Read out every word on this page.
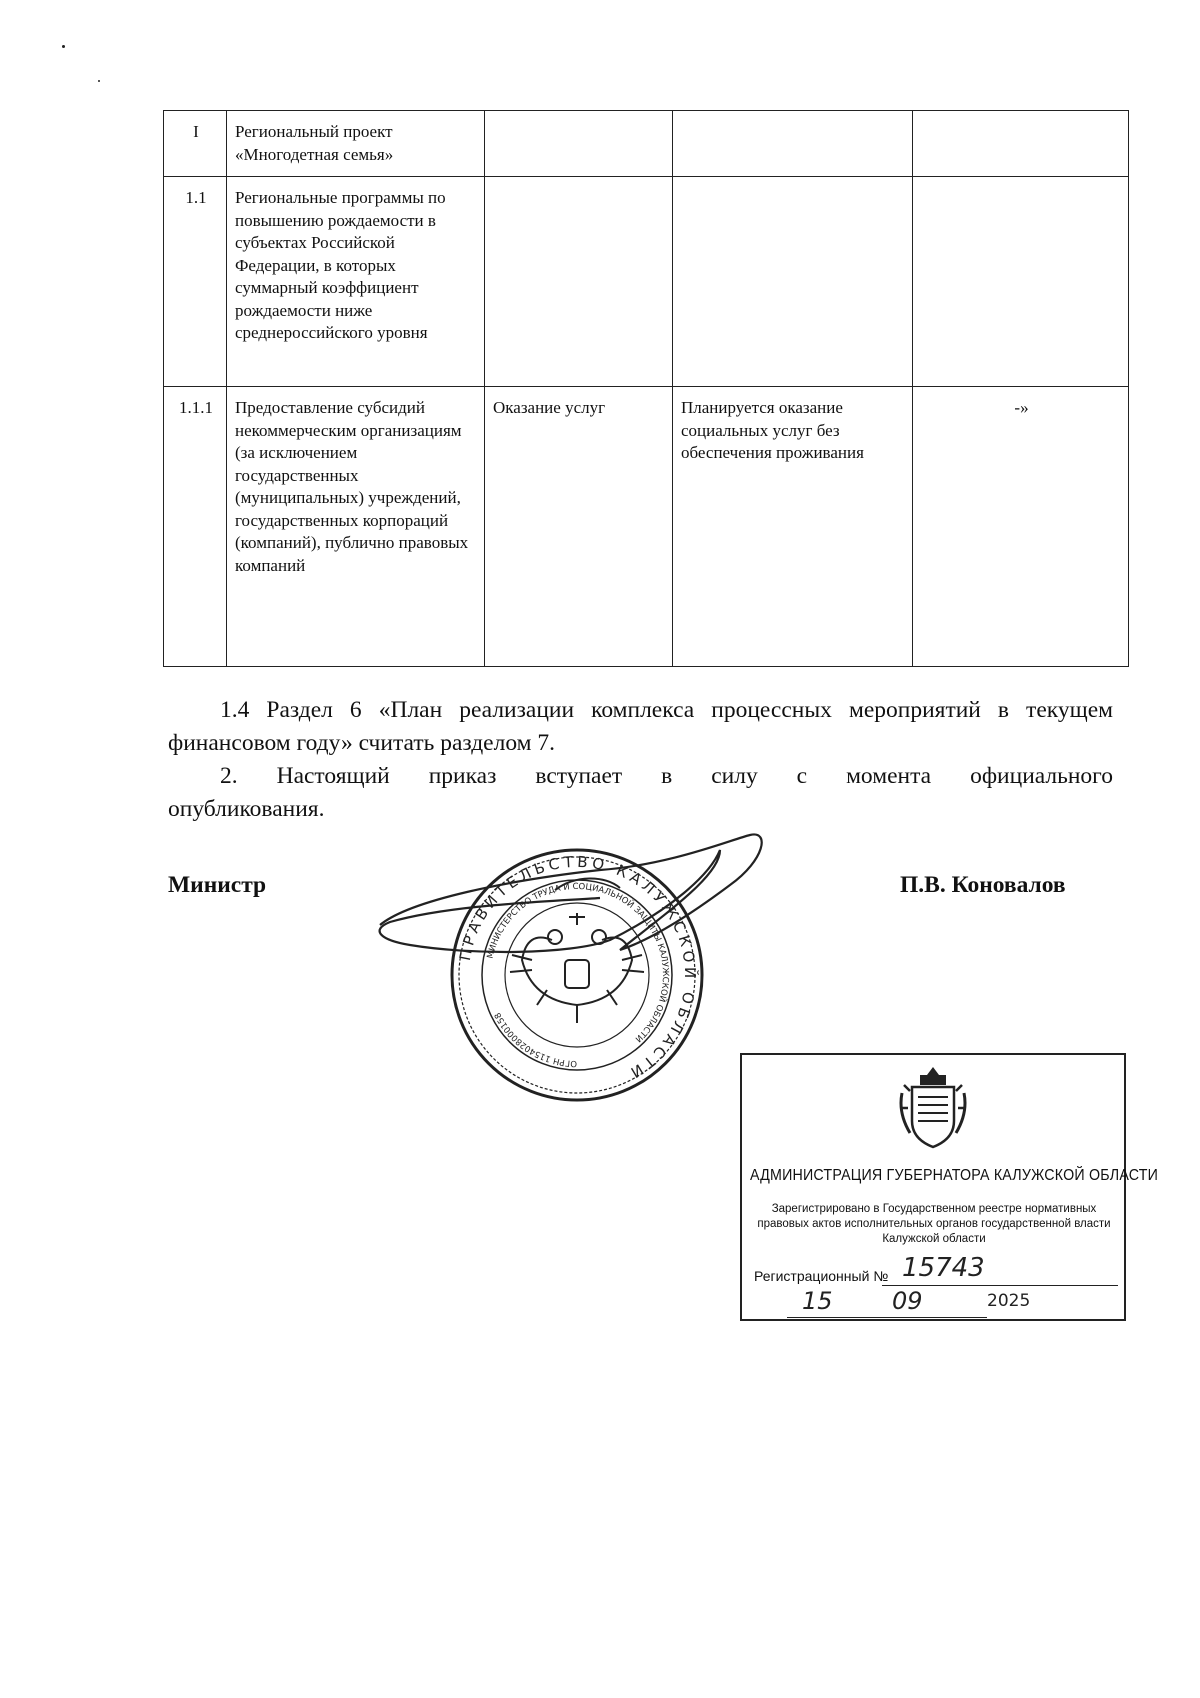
I	Региональный проект «Многодетная семья»			
1.1	Региональные программы по повышению рождаемости в субъектах Российской Федерации, в которых суммарный коэффициент рождаемости ниже среднероссийского уровня			
1.1.1	Предоставление субсидий некоммерческим организациям (за исключением государственных (муниципальных) учреждений, государственных корпораций (компаний), публично правовых компаний	Оказание услуг	Планируется оказание социальных услуг без обеспечения проживания	-»
1.4 Раздел 6 «План реализации комплекса процессных мероприятий в текущем финансовом году» считать разделом 7.
2. Настоящий приказ вступает в силу с момента официального
опубликования.
Министр	П.В. Коновалов
ПРАВИТЕЛЬСТВО КАЛУЖСКОЙ ОБЛАСТИ
МИНИСТЕРСТВО ТРУДА И СОЦИАЛЬНОЙ ЗАЩИТЫ КАЛУЖСКОЙ ОБЛАСТИ
ОГРН 1154028000158
АДМИНИСТРАЦИЯ ГУБЕРНАТОРА КАЛУЖСКОЙ ОБЛАСТИ
Зарегистрировано в Государственном реестре нормативных правовых актов исполнительных органов государственной власти Калужской области
Регистрационный № 15743
15 09	2025
